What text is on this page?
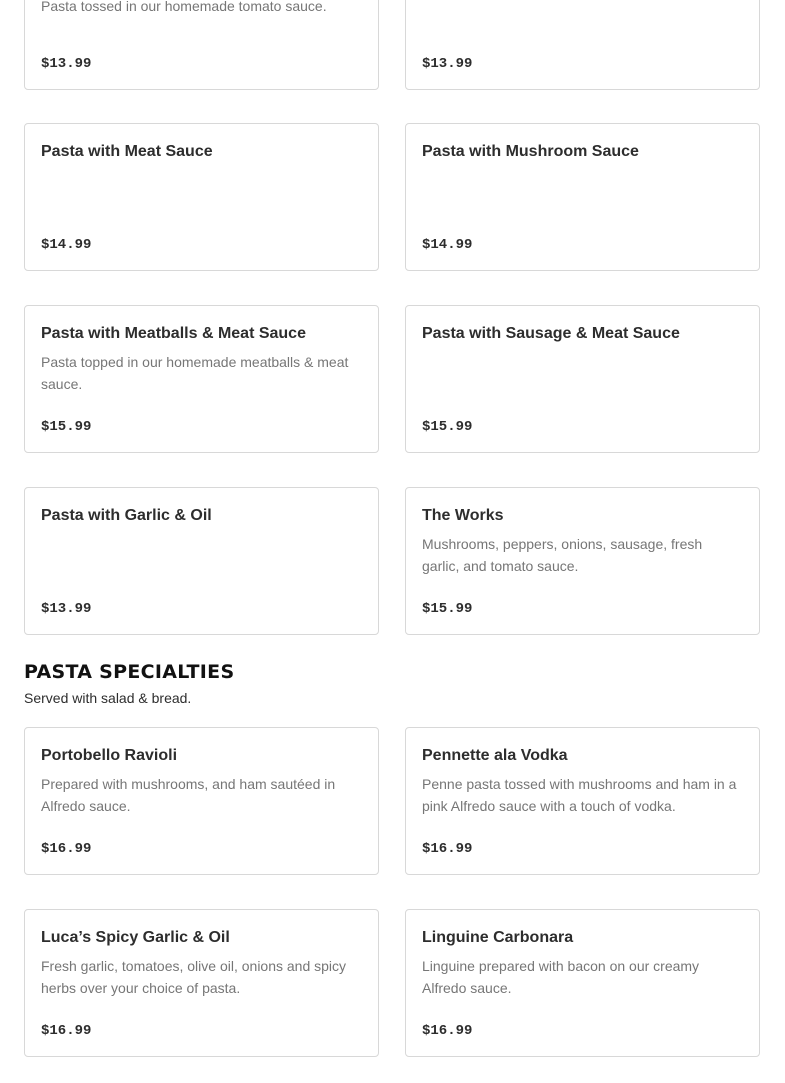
Pasta tossed in our homemade tomato sauce.
$13.99	$13.99
Pasta with Meat Sauce
$14.99
Pasta with Mushroom Sauce
$14.99
Pasta with Meatballs & Meat Sauce
Pasta topped in our homemade meatballs & meat sauce.
$15.99
Pasta with Sausage & Meat Sauce
$15.99
Pasta with Garlic & Oil
$13.99
The Works
Mushrooms, peppers, onions, sausage, fresh garlic, and tomato sauce.
$15.99
PASTA SPECIALTIES
Served with salad & bread.
Portobello Ravioli
Prepared with mushrooms, and ham sautéed in Alfredo sauce.
$16.99
Pennette ala Vodka
Penne pasta tossed with mushrooms and ham in a pink Alfredo sauce with a touch of vodka.
$16.99
Luca’s Spicy Garlic & Oil
Fresh garlic, tomatoes, olive oil, onions and spicy herbs over your choice of pasta.
$16.99
Linguine Carbonara
Linguine prepared with bacon on our creamy Alfredo sauce.
$16.99
